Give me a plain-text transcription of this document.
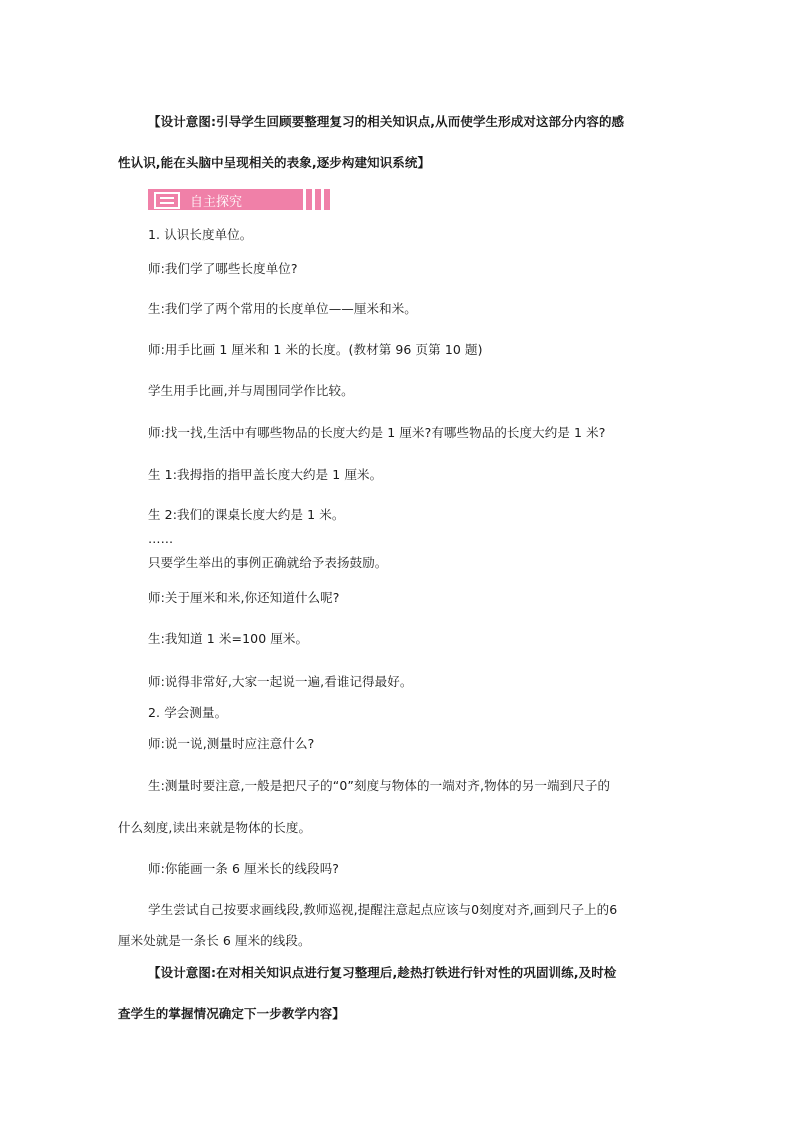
【设计意图:引导学生回顾要整理复习的相关知识点,从而使学生形成对这部分内容的感
性认识,能在头脑中呈现相关的表象,逐步构建知识系统】
自主探究
1. 认识长度单位。
师:我们学了哪些长度单位?
生:我们学了两个常用的长度单位——厘米和米。
师:用手比画 1 厘米和 1 米的长度。(教材第 96 页第 10 题)
学生用手比画,并与周围同学作比较。
师:找一找,生活中有哪些物品的长度大约是 1 厘米?有哪些物品的长度大约是 1 米?
生 1:我拇指的指甲盖长度大约是 1 厘米。
生 2:我们的课桌长度大约是 1 米。
……
只要学生举出的事例正确就给予表扬鼓励。
师:关于厘米和米,你还知道什么呢?
生:我知道 1 米=100 厘米。
师:说得非常好,大家一起说一遍,看谁记得最好。
2. 学会测量。
师:说一说,测量时应注意什么?
生:测量时要注意,一般是把尺子的“0”刻度与物体的一端对齐,物体的另一端到尺子的
什么刻度,读出来就是物体的长度。
师:你能画一条 6 厘米长的线段吗?
学生尝试自己按要求画线段,教师巡视,提醒注意起点应该与0刻度对齐,画到尺子上的6
厘米处就是一条长 6 厘米的线段。
【设计意图:在对相关知识点进行复习整理后,趁热打铁进行针对性的巩固训练,及时检
查学生的掌握情况确定下一步教学内容】
